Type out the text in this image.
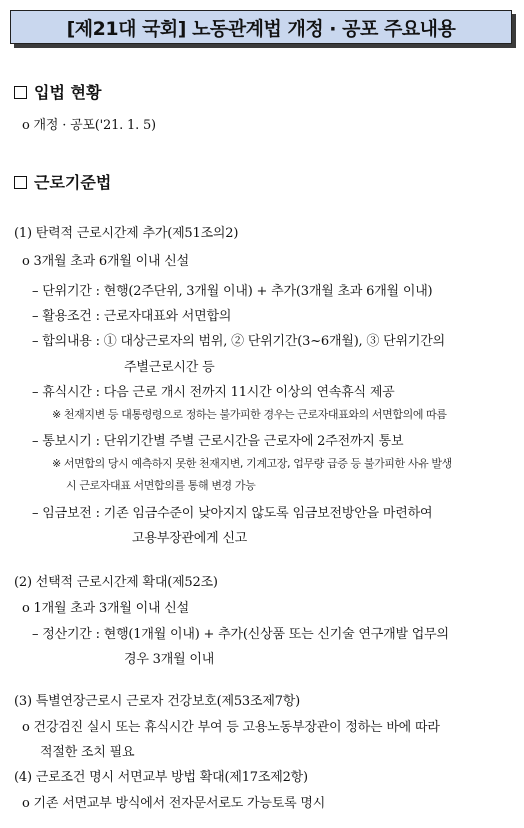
[제21대 국회] 노동관계법 개정 · 공포 주요내용
입법 현황
o 개정 · 공포('21. 1. 5)
근로기준법
(1) 탄력적 근로시간제 추가(제51조의2)
o 3개월 초과 6개월 이내 신설
– 단위기간 : 현행(2주단위, 3개월 이내) + 추가(3개월 초과 6개월 이내)
– 활용조건 : 근로자대표와 서면합의
– 합의내용 : ① 대상근로자의 범위, ② 단위기간(3~6개월), ③ 단위기간의
주별근로시간 등
– 휴식시간 : 다음 근로 개시 전까지 11시간 이상의 연속휴식 제공
※ 천재지변 등 대통령령으로 정하는 불가피한 경우는 근로자대표와의 서면합의에 따름
– 통보시기 : 단위기간별 주별 근로시간을 근로자에 2주전까지 통보
※ 서면합의 당시 예측하지 못한 천재지변, 기계고장, 업무량 급증 등 불가피한 사유 발생
시 근로자대표 서면합의를 통해 변경 가능
– 임금보전 : 기존 임금수준이 낮아지지 않도록 임금보전방안을 마련하여
고용부장관에게 신고
(2) 선택적 근로시간제 확대(제52조)
o 1개월 초과 3개월 이내 신설
– 정산기간 : 현행(1개월 이내) + 추가(신상품 또는 신기술 연구개발 업무의
경우 3개월 이내
(3) 특별연장근로시 근로자 건강보호(제53조제7항)
o 건강검진 실시 또는 휴식시간 부여 등 고용노동부장관이 정하는 바에 따라
적절한 조치 필요
(4) 근로조건 명시 서면교부 방법 확대(제17조제2항)
o 기존 서면교부 방식에서 전자문서로도 가능토록 명시
